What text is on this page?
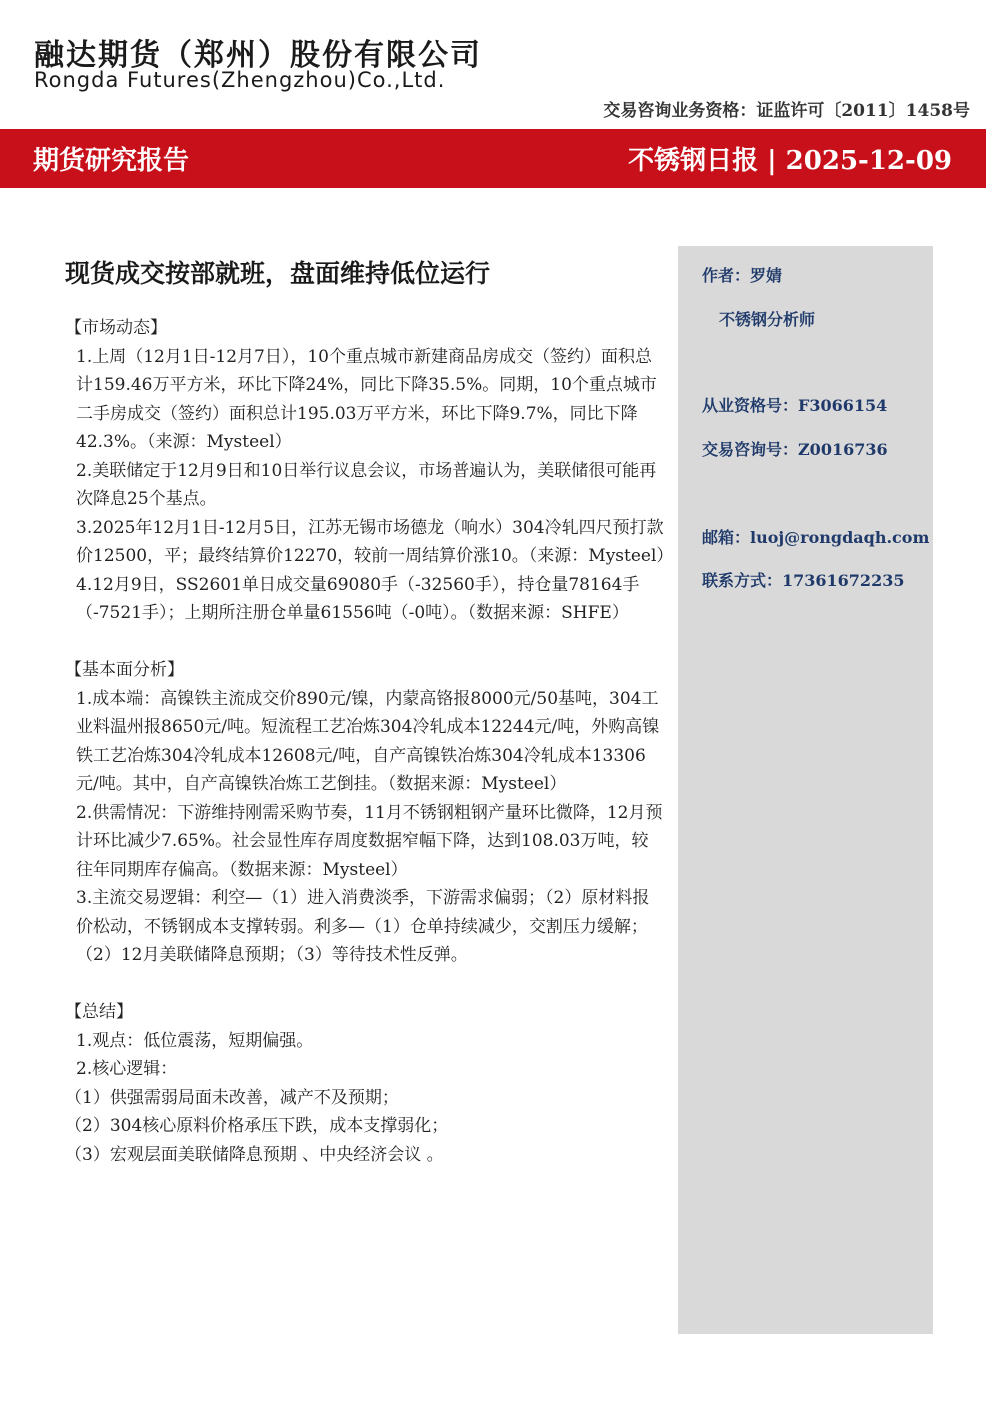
融达期货（郑州）股份有限公司
Rongda Futures(Zhengzhou)Co.,Ltd.
交易咨询业务资格：证监许可〔2011〕1458号
期货研究报告	不锈钢日报 | 2025-12-09
现货成交按部就班，盘面维持低位运行

【市场动态】

1.上周（12月1日-12月7日），10个重点城市新建商品房成交（签约）面积总计159.46万平方米，环比下降24%，同比下降35.5%。同期，10个重点城市二手房成交（签约）面积总计195.03万平方米，环比下降9.7%，同比下降42.3%。（来源：Mysteel）

2.美联储定于12月9日和10日举行议息会议，市场普遍认为，美联储很可能再次降息25个基点。

3.2025年12月1日-12月5日，江苏无锡市场德龙（响水）304冷轧四尺预打款价12500，平；最终结算价12270，较前一周结算价涨10。（来源：Mysteel）

4.12月9日，SS2601单日成交量69080手（-32560手），持仓量78164手（-7521手）；上期所注册仓单量61556吨（-0吨）。（数据来源：SHFE）

【基本面分析】

1.成本端：高镍铁主流成交价890元/镍，内蒙高铬报8000元/50基吨，304工业料温州报8650元/吨。短流程工艺冶炼304冷轧成本12244元/吨，外购高镍铁工艺冶炼304冷轧成本12608元/吨，自产高镍铁冶炼304冷轧成本13306元/吨。其中，自产高镍铁冶炼工艺倒挂。（数据来源：Mysteel）

2.供需情况：下游维持刚需采购节奏，11月不锈钢粗钢产量环比微降，12月预计环比减少7.65%。社会显性库存周度数据窄幅下降，达到108.03万吨，较往年同期库存偏高。（数据来源：Mysteel）

3.主流交易逻辑：利空—（1）进入消费淡季，下游需求偏弱；（2）原材料报价松动，不锈钢成本支撑转弱。利多—（1）仓单持续减少，交割压力缓解；（2）12月美联储降息预期；（3）等待技术性反弹。

【总结】

1.观点：低位震荡，短期偏强。

2.核心逻辑：

（1）供强需弱局面未改善，减产不及预期；

（2）304核心原料价格承压下跌，成本支撑弱化；

（3）宏观层面美联储降息预期 、中央经济会议 。

作者：罗婧
不锈钢分析师
从业资格号：F3066154
交易咨询号：Z0016736
邮箱：luoj@rongdaqh.com
联系方式：17361672235
